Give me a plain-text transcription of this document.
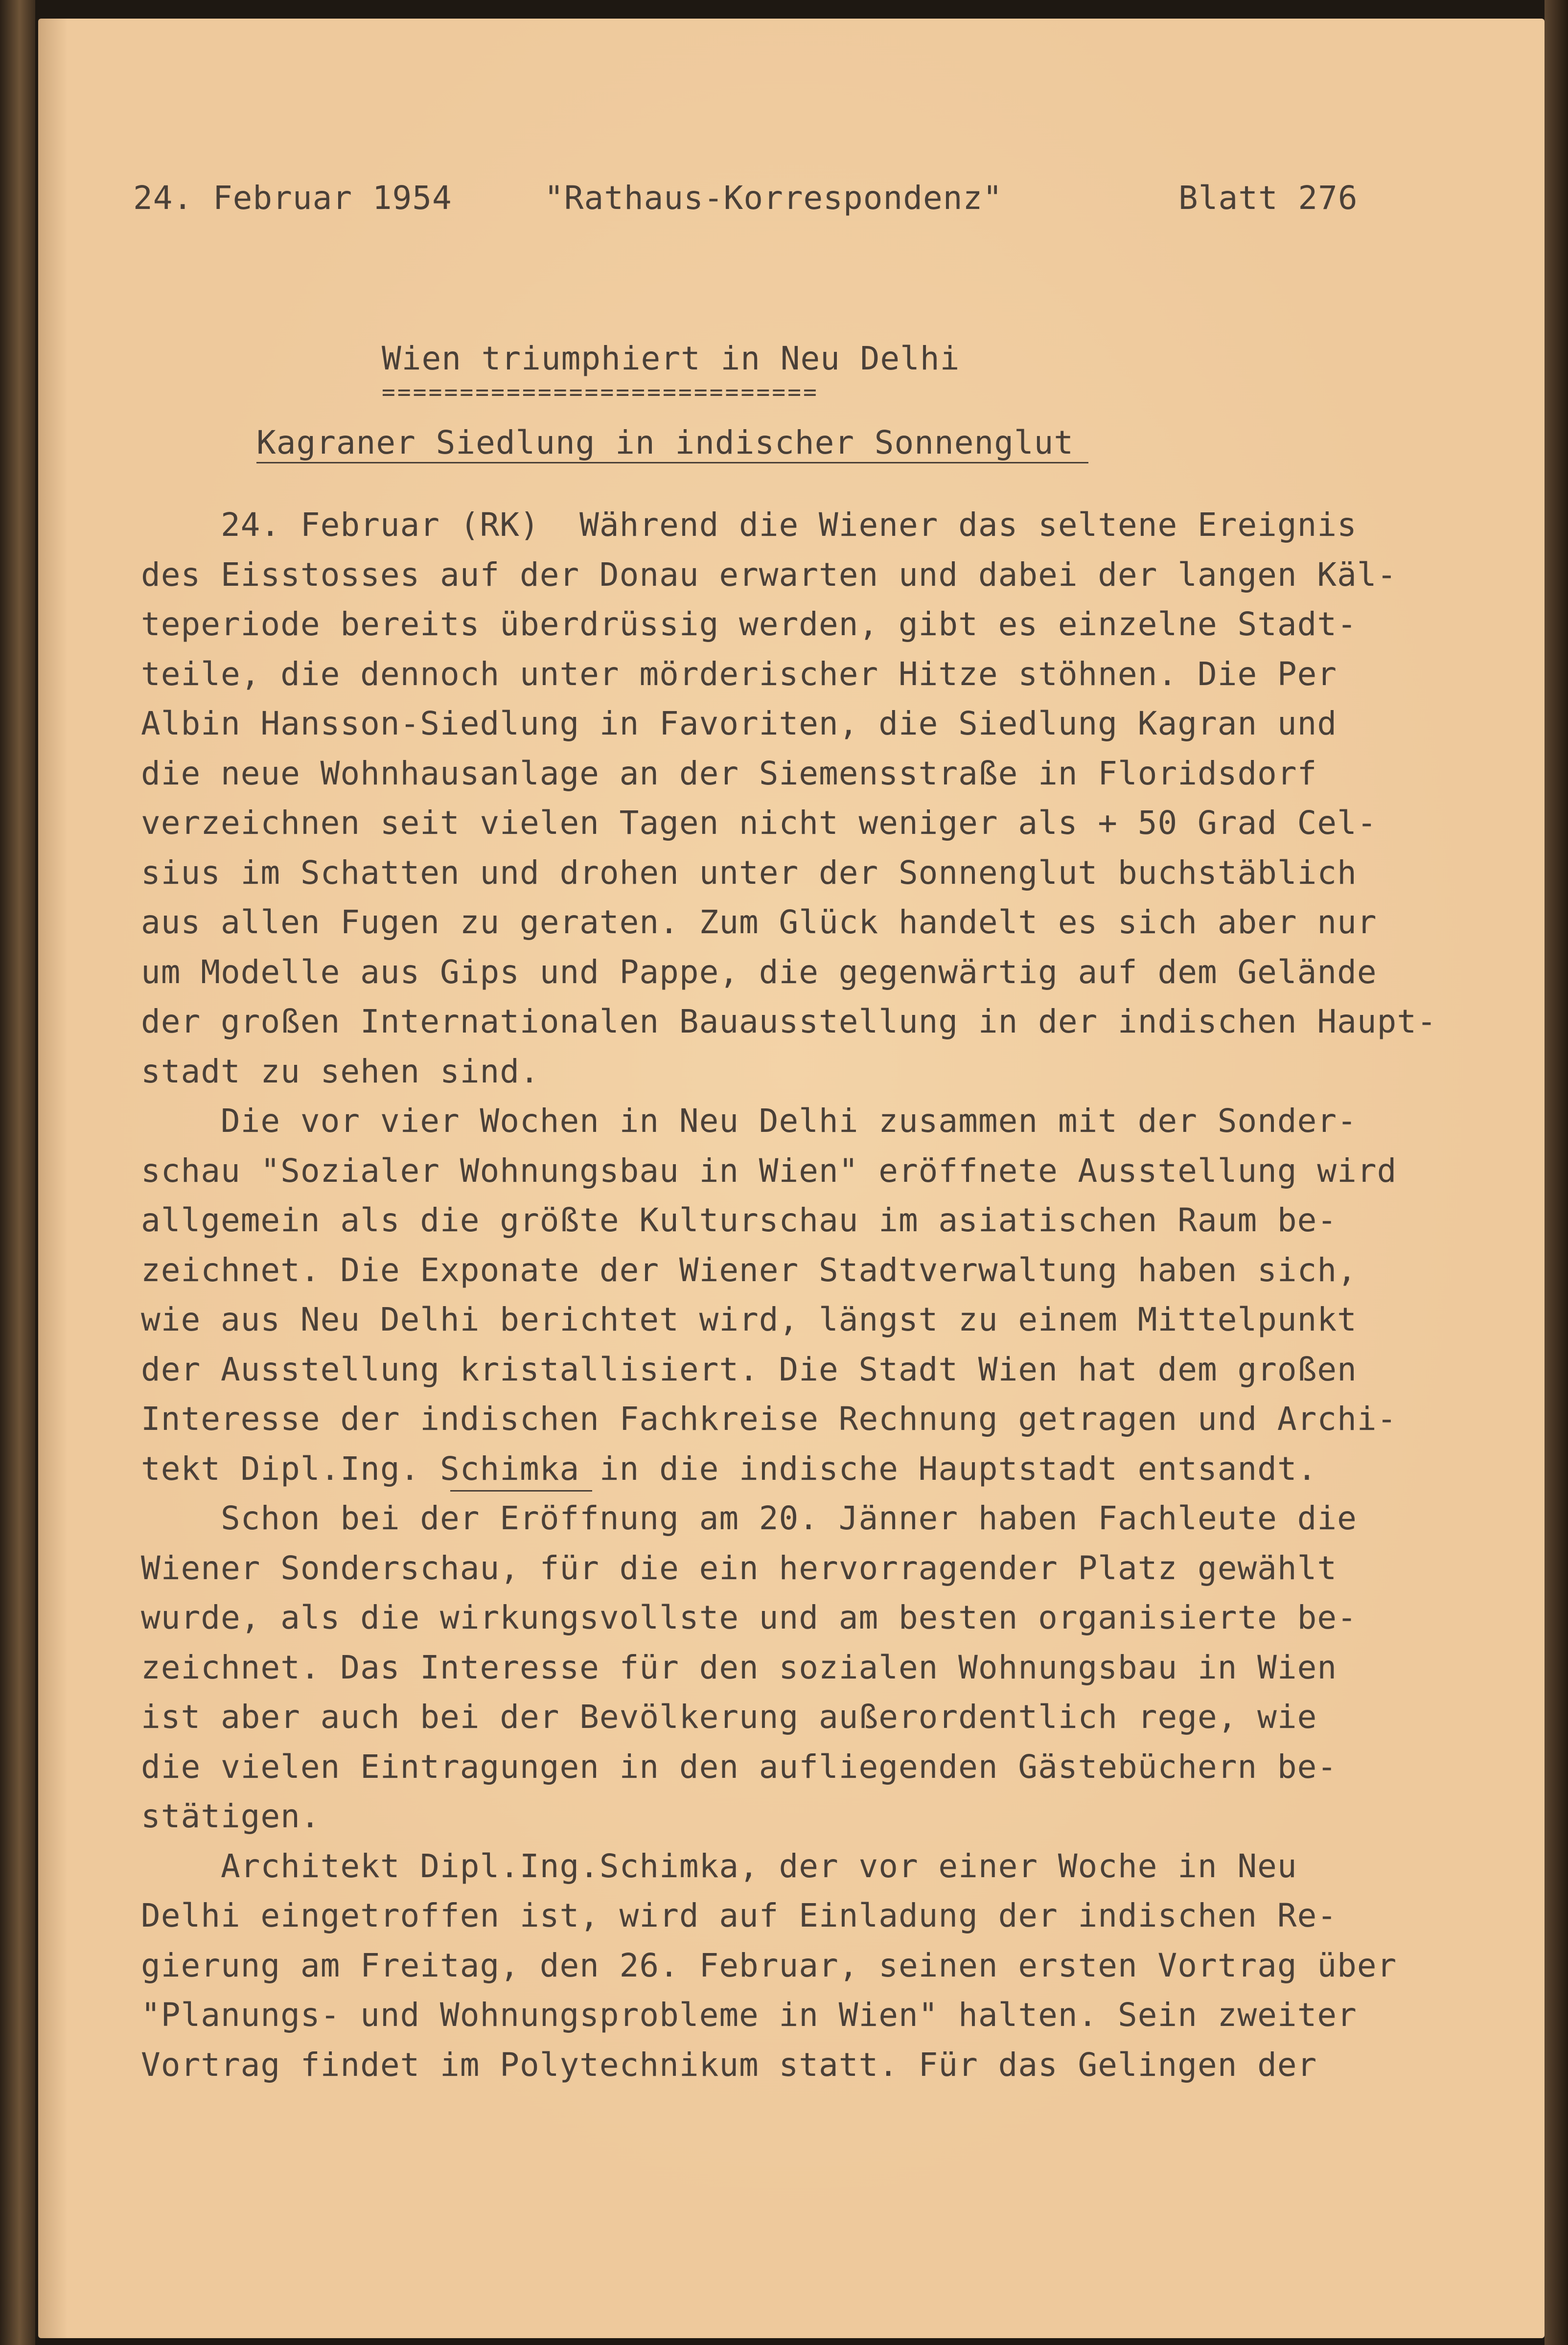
24. Februar 1954	"Rathaus-Korrespondenz"	Blatt 276
Wien triumphiert in Neu Delhi
============================
Kagraner Siedlung in indischer Sonnenglut
24. Februar (RK)  Während die Wiener das seltene Ereignis
des Eisstosses auf der Donau erwarten und dabei der langen Käl-
teperiode bereits überdrüssig werden, gibt es einzelne Stadt-
teile, die dennoch unter mörderischer Hitze stöhnen. Die Per
Albin Hansson-Siedlung in Favoriten, die Siedlung Kagran und
die neue Wohnhausanlage an der Siemensstraße in Floridsdorf
verzeichnen seit vielen Tagen nicht weniger als + 50 Grad Cel-
sius im Schatten und drohen unter der Sonnenglut buchstäblich
aus allen Fugen zu geraten. Zum Glück handelt es sich aber nur
um Modelle aus Gips und Pappe, die gegenwärtig auf dem Gelände
der großen Internationalen Bauausstellung in der indischen Haupt-
stadt zu sehen sind.
Die vor vier Wochen in Neu Delhi zusammen mit der Sonder-
schau "Sozialer Wohnungsbau in Wien" eröffnete Ausstellung wird
allgemein als die größte Kulturschau im asiatischen Raum be-
zeichnet. Die Exponate der Wiener Stadtverwaltung haben sich,
wie aus Neu Delhi berichtet wird, längst zu einem Mittelpunkt
der Ausstellung kristallisiert. Die Stadt Wien hat dem großen
Interesse der indischen Fachkreise Rechnung getragen und Archi-
tekt Dipl.Ing. Schimka in die indische Hauptstadt entsandt.
Schon bei der Eröffnung am 20. Jänner haben Fachleute die
Wiener Sonderschau, für die ein hervorragender Platz gewählt
wurde, als die wirkungsvollste und am besten organisierte be-
zeichnet. Das Interesse für den sozialen Wohnungsbau in Wien
ist aber auch bei der Bevölkerung außerordentlich rege, wie
die vielen Eintragungen in den aufliegenden Gästebüchern be-
stätigen.
Architekt Dipl.Ing.Schimka, der vor einer Woche in Neu
Delhi eingetroffen ist, wird auf Einladung der indischen Re-
gierung am Freitag, den 26. Februar, seinen ersten Vortrag über
"Planungs- und Wohnungsprobleme in Wien" halten. Sein zweiter
Vortrag findet im Polytechnikum statt. Für das Gelingen der
